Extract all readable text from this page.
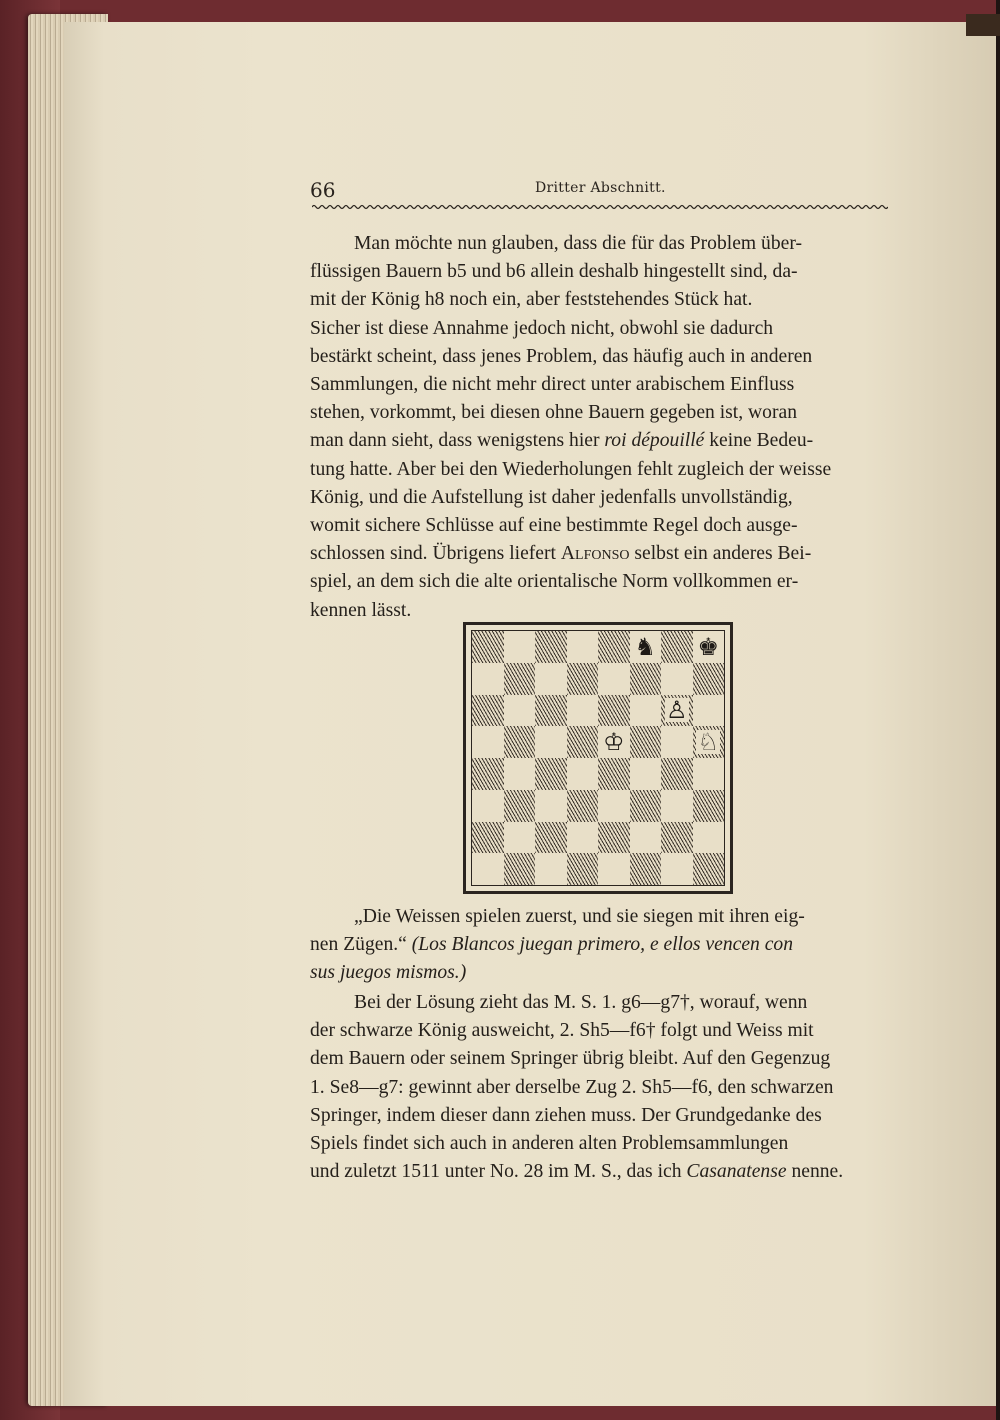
66	Dritter Abschnitt.

Man möchte nun glauben, dass die für das Problem über-

flüssigen Bauern b5 und b6 allein deshalb hingestellt sind, da-

mit der König h8 noch ein, aber feststehendes Stück hat.

Sicher ist diese Annahme jedoch nicht, obwohl sie dadurch

bestärkt scheint, dass jenes Problem, das häufig auch in anderen

Sammlungen, die nicht mehr direct unter arabischem Einfluss

stehen, vorkommt, bei diesen ohne Bauern gegeben ist, woran

man dann sieht, dass wenigstens hier roi dépouillé keine Bedeu-

tung hatte. Aber bei den Wiederholungen fehlt zugleich der weisse

König, und die Aufstellung ist daher jedenfalls unvollständig,

womit sichere Schlüsse auf eine bestimmte Regel doch ausge-

schlossen sind. Übrigens liefert Alfonso selbst ein anderes Bei-

spiel, an dem sich die alte orientalische Norm vollkommen er-

kennen lässt.

♞ ♚
♙
♔	♘

„Die Weissen spielen zuerst, und sie siegen mit ihren eig-

nen Zügen.“ (Los Blancos juegan primero, e ellos vencen con

sus juegos mismos.)

Bei der Lösung zieht das M. S. 1. g6—g7†, worauf, wenn

der schwarze König ausweicht, 2. Sh5—f6† folgt und Weiss mit

dem Bauern oder seinem Springer übrig bleibt. Auf den Gegenzug

1. Se8—g7: gewinnt aber derselbe Zug 2. Sh5—f6, den schwarzen

Springer, indem dieser dann ziehen muss. Der Grundgedanke des

Spiels findet sich auch in anderen alten Problemsammlungen

und zuletzt 1511 unter No. 28 im M. S., das ich Casanatense nenne.
